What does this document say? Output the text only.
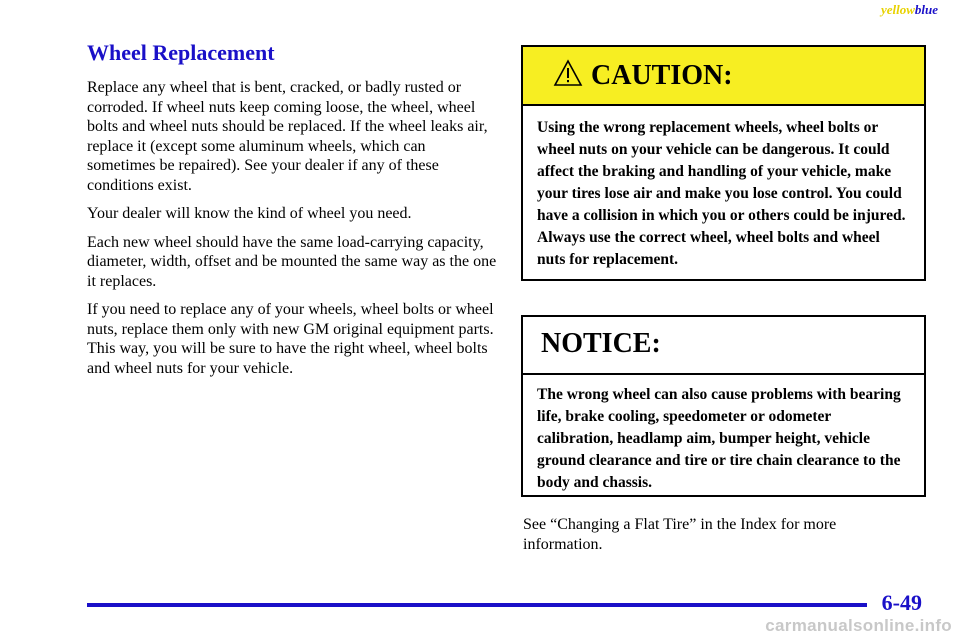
yellowblue
Wheel Replacement

Replace any wheel that is bent, cracked, or badly rusted or corroded. If wheel nuts keep coming loose, the wheel, wheel bolts and wheel nuts should be replaced. If the wheel leaks air, replace it (except some aluminum wheels, which can sometimes be repaired). See your dealer if any of these conditions exist.

Your dealer will know the kind of wheel you need.

Each new wheel should have the same load‑carrying capacity, diameter, width, offset and be mounted the same way as the one it replaces.

If you need to replace any of your wheels, wheel bolts or wheel nuts, replace them only with new GM original equipment parts. This way, you will be sure to have the right wheel, wheel bolts and wheel nuts for your vehicle.

CAUTION:
Using the wrong replacement wheels, wheel bolts or wheel nuts on your vehicle can be dangerous. It could affect the braking and handling of your vehicle, make your tires lose air and make you lose control. You could have a collision in which you or others could be injured. Always use the correct wheel, wheel bolts and wheel nuts for replacement.
NOTICE:
The wrong wheel can also cause problems with bearing life, brake cooling, speedometer or odometer calibration, headlamp aim, bumper height, vehicle ground clearance and tire or tire chain clearance to the body and chassis.
See “Changing a Flat Tire” in the Index for more information.
6-49
carmanualsonline.info
